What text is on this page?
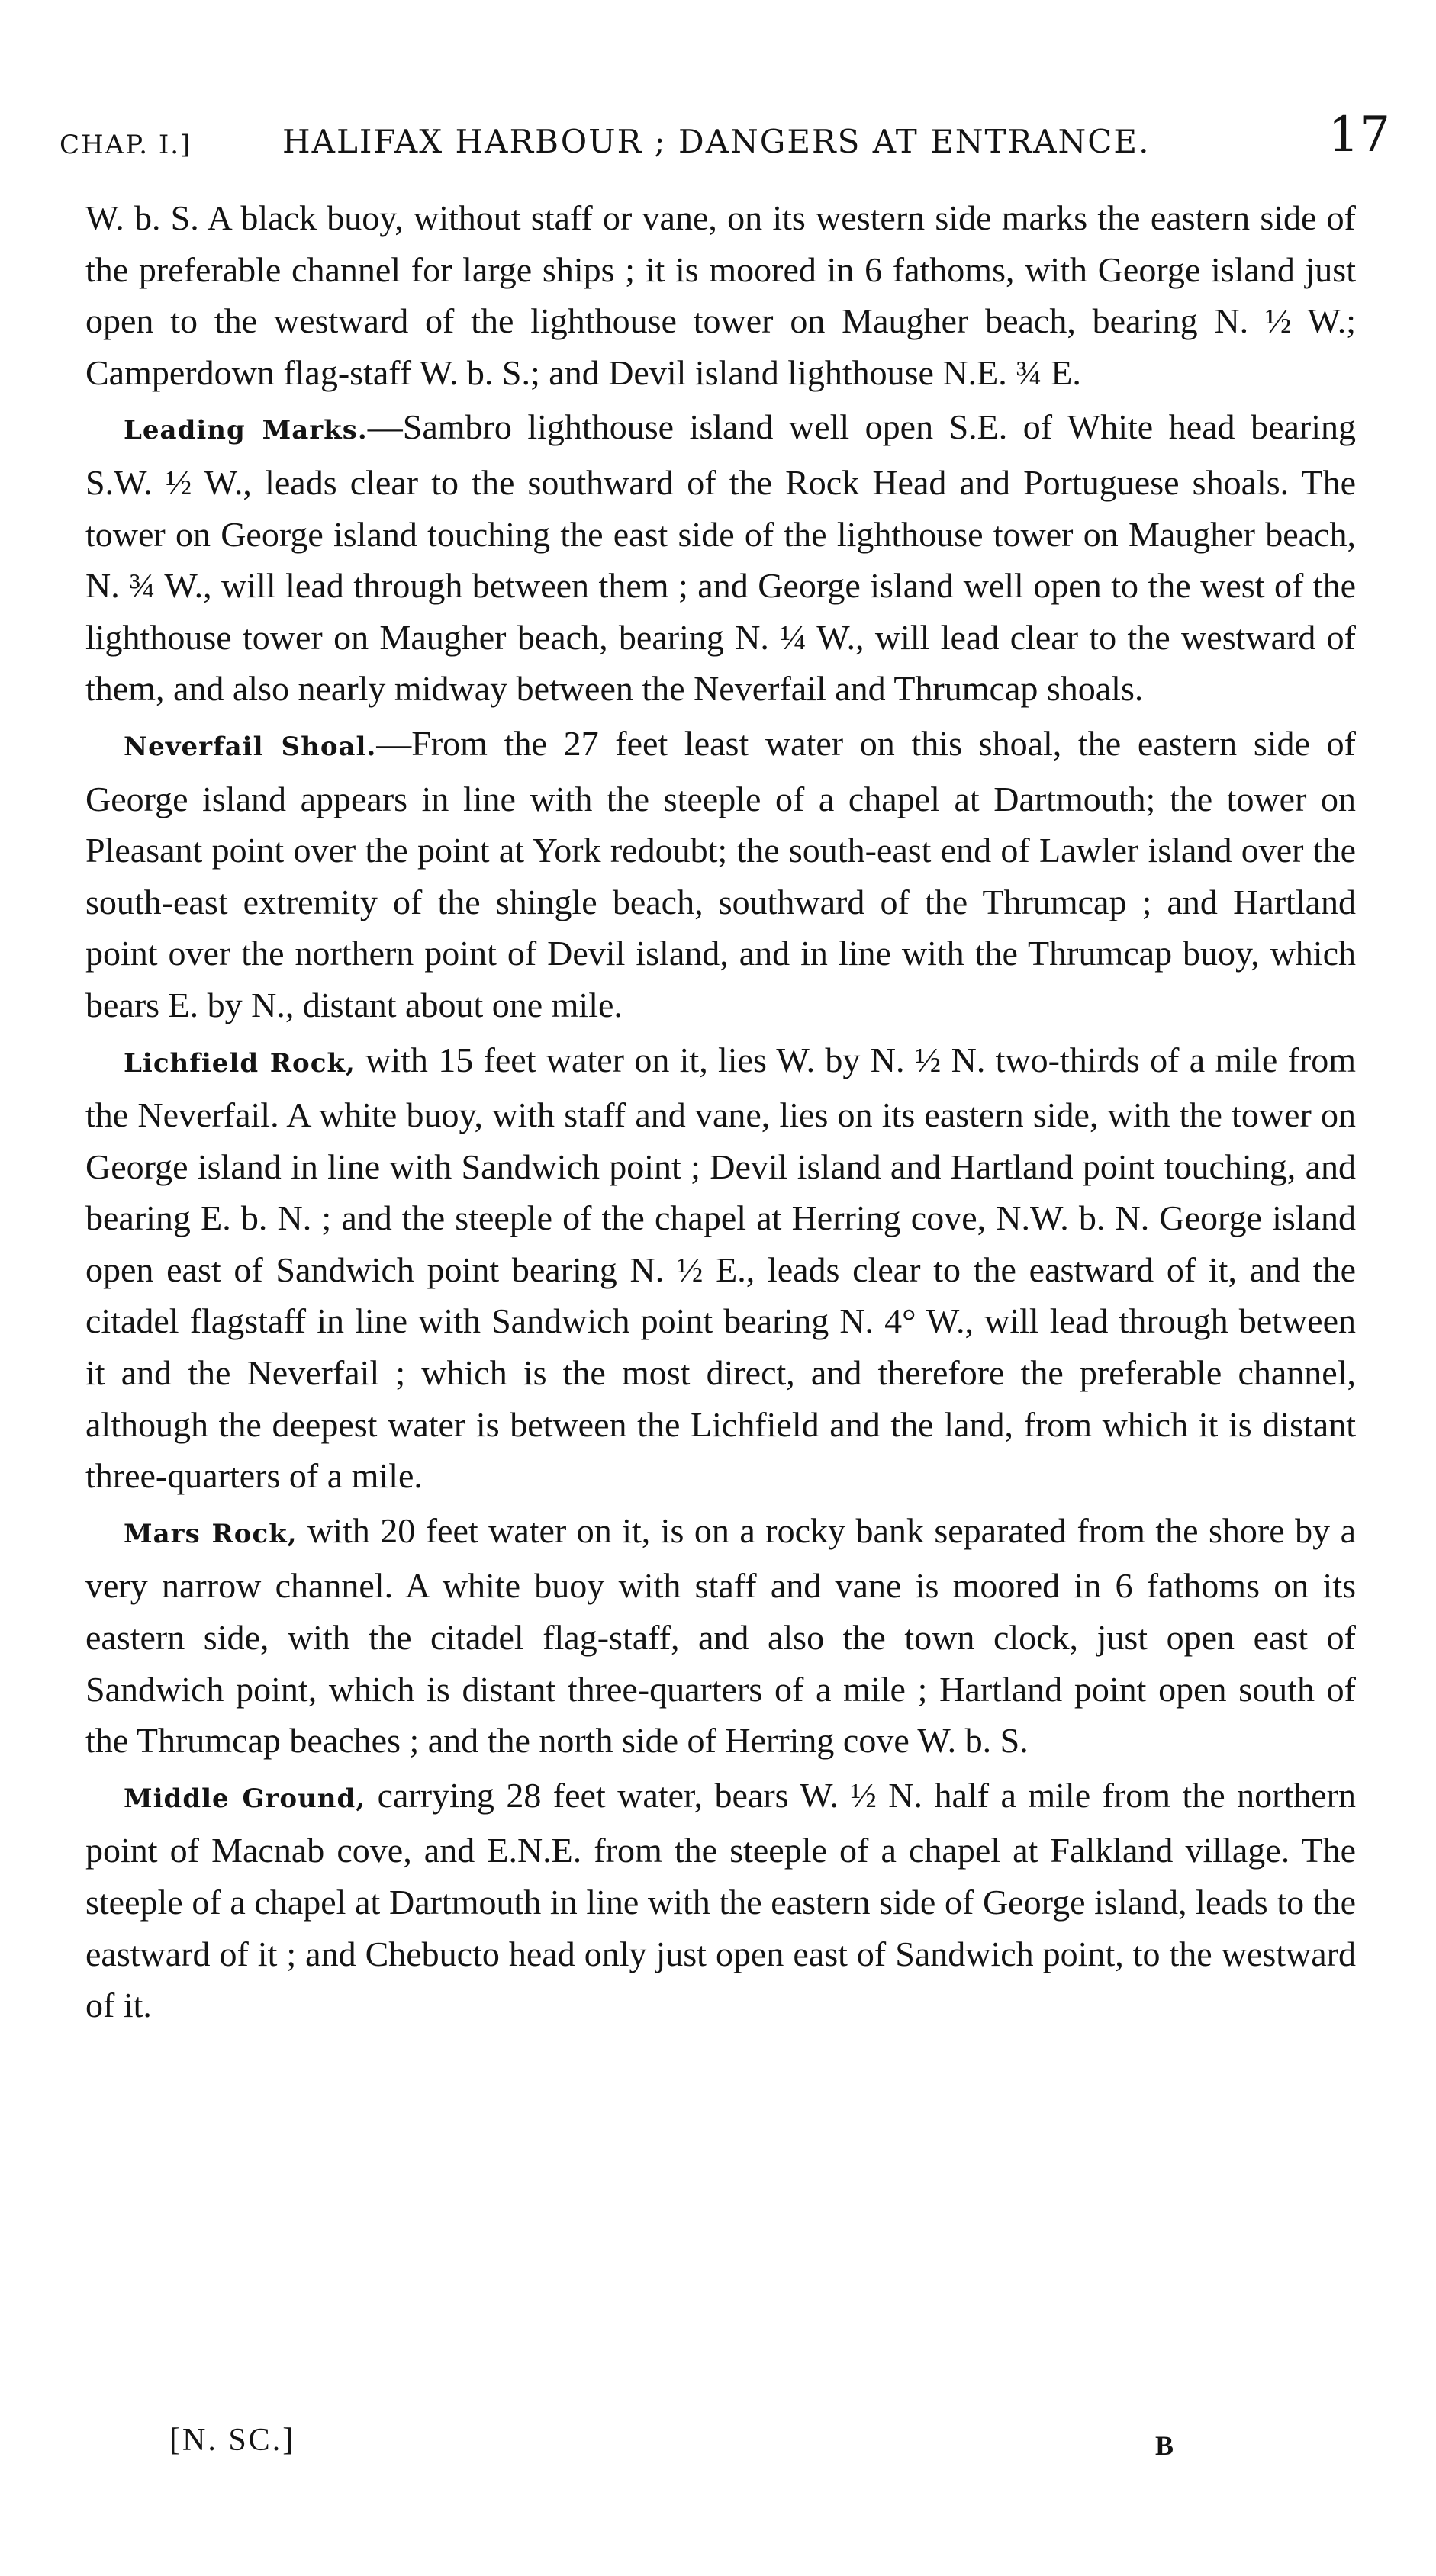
CHAP. I.]	HALIFAX HARBOUR ; DANGERS AT ENTRANCE.	17

W. b. S. A black buoy, without staff or vane, on its western side marks the eastern side of the preferable channel for large ships ; it is moored in 6 fathoms, with George island just open to the westward of the lighthouse tower on Maugher beach, bearing N. ½ W.; Camperdown flag-staff W. b. S.; and Devil island lighthouse N.E. ¾ E.

Leading Marks.—Sambro lighthouse island well open S.E. of White head bearing S.W. ½ W., leads clear to the southward of the Rock Head and Portuguese shoals. The tower on George island touching the east side of the lighthouse tower on Maugher beach, N. ¾ W., will lead through between them ; and George island well open to the west of the lighthouse tower on Maugher beach, bearing N. ¼ W., will lead clear to the westward of them, and also nearly midway between the Neverfail and Thrumcap shoals.

Neverfail Shoal.—From the 27 feet least water on this shoal, the eastern side of George island appears in line with the steeple of a chapel at Dartmouth; the tower on Pleasant point over the point at York redoubt; the south-east end of Lawler island over the south-east extremity of the shingle beach, southward of the Thrumcap ; and Hartland point over the northern point of Devil island, and in line with the Thrumcap buoy, which bears E. by N., distant about one mile.

Lichfield Rock, with 15 feet water on it, lies W. by N. ½ N. two-thirds of a mile from the Neverfail. A white buoy, with staff and vane, lies on its eastern side, with the tower on George island in line with Sandwich point ; Devil island and Hartland point touching, and bearing E. b. N. ; and the steeple of the chapel at Herring cove, N.W. b. N. George island open east of Sandwich point bearing N. ½ E., leads clear to the eastward of it, and the citadel flagstaff in line with Sandwich point bearing N. 4° W., will lead through between it and the Neverfail ; which is the most direct, and therefore the preferable channel, although the deepest water is between the Lichfield and the land, from which it is distant three-quarters of a mile.

Mars Rock, with 20 feet water on it, is on a rocky bank separated from the shore by a very narrow channel. A white buoy with staff and vane is moored in 6 fathoms on its eastern side, with the citadel flag-staff, and also the town clock, just open east of Sandwich point, which is distant three-quarters of a mile ; Hartland point open south of the Thrumcap beaches ; and the north side of Herring cove W. b. S.

Middle Ground, carrying 28 feet water, bears W. ½ N. half a mile from the northern point of Macnab cove, and E.N.E. from the steeple of a chapel at Falkland village. The steeple of a chapel at Dartmouth in line with the eastern side of George island, leads to the eastward of it ; and Chebucto head only just open east of Sandwich point, to the westward of it.

[N. SC.]	B
